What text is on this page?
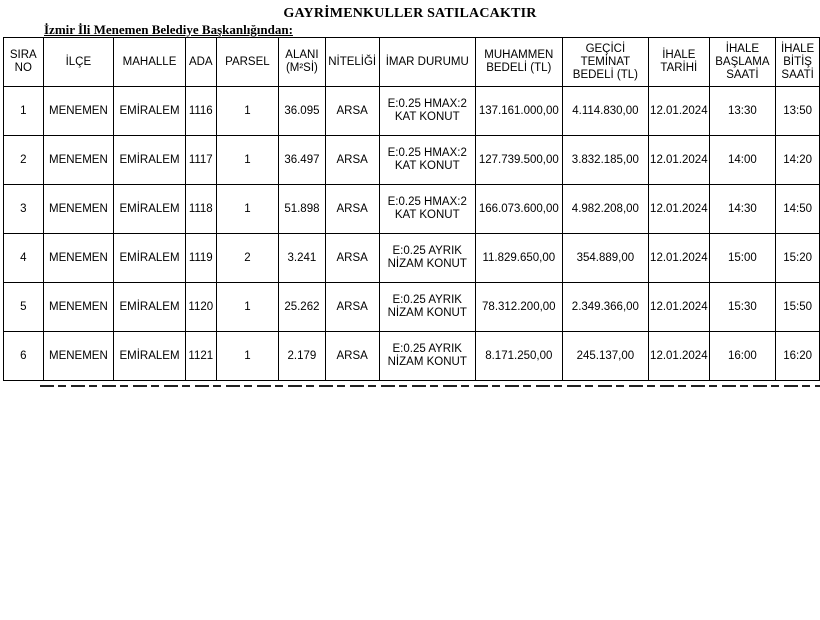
GAYRİMENKULLER SATILACAKTIR
İzmir İli Menemen Belediye Başkanlığından:
SIRA NO	İLÇE	MAHALLE	ADA	PARSEL	ALANI (M²Sİ)	NİTELİĞİ	İMAR DURUMU	MUHAMMEN BEDELİ (TL)	GEÇİCİ TEMİNAT BEDELİ (TL)	İHALE TARİHİ	İHALE BAŞLAMA SAATİ	İHALE BİTİŞ SAATİ
1	MENEMEN	EMİRALEM	1116	1	36.095	ARSA	E:0.25 HMAX:2 KAT KONUT	137.161.000,00	4.114.830,00	12.01.2024	13:30	13:50
2	MENEMEN	EMİRALEM	1117	1	36.497	ARSA	E:0.25 HMAX:2 KAT KONUT	127.739.500,00	3.832.185,00	12.01.2024	14:00	14:20
3	MENEMEN	EMİRALEM	1118	1	51.898	ARSA	E:0.25 HMAX:2 KAT KONUT	166.073.600,00	4.982.208,00	12.01.2024	14:30	14:50
4	MENEMEN	EMİRALEM	1119	2	3.241	ARSA	E:0.25 AYRIK NİZAM KONUT	11.829.650,00	354.889,00	12.01.2024	15:00	15:20
5	MENEMEN	EMİRALEM	1120	1	25.262	ARSA	E:0.25 AYRIK NİZAM KONUT	78.312.200,00	2.349.366,00	12.01.2024	15:30	15:50
6	MENEMEN	EMİRALEM	1121	1	2.179	ARSA	E:0.25 AYRIK NİZAM KONUT	8.171.250,00	245.137,00	12.01.2024	16:00	16:20
